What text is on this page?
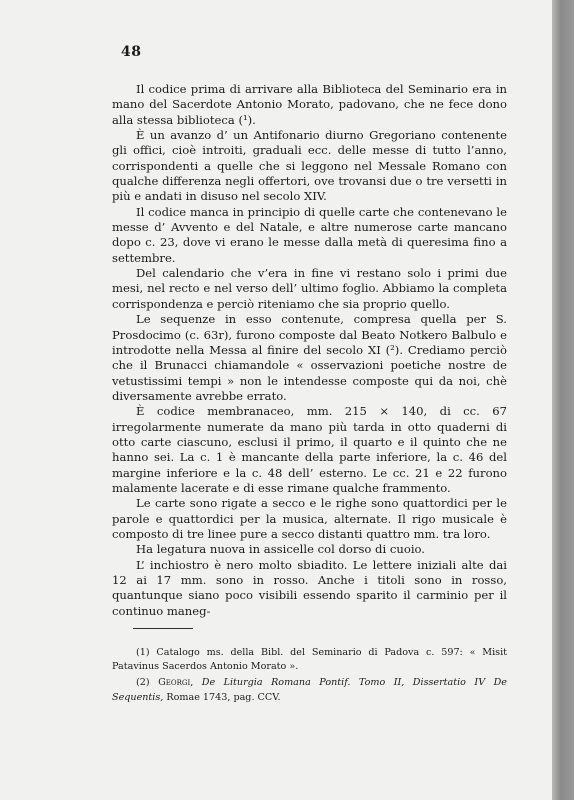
48

Il codice prima di arrivare alla Biblioteca del Seminario era in mano del Sacerdote Antonio Morato, padovano, che ne fece dono alla stessa biblioteca (¹).

È un avanzo d’ un Antifonario diurno Gregoriano contenente gli offici, cioè introiti, graduali ecc. delle messe di tutto l’anno, corrispondenti a quelle che si leggono nel Messale Romano con qualche differenza negli offertori, ove trovansi due o tre versetti in più e andati in disuso nel secolo XIV.

Il codice manca in principio di quelle carte che contenevano le messe d’ Avvento e del Natale, e altre numerose carte mancano dopo c. 23, dove vi erano le messe dalla metà di queresima fino a settembre.

Del calendario che v’era in fine vi restano solo i primi due mesi, nel recto e nel verso dell’ ultimo foglio. Abbiamo la completa corrispondenza e perciò riteniamo che sia proprio quello.

Le sequenze in esso contenute, compresa quella per S. Prosdocimo (c. 63r), furono composte dal Beato Notkero Balbulo e introdotte nella Messa al finire del secolo XI (²). Crediamo perciò che il Brunacci chiamandole « osservazioni poetiche nostre de vetustissimi tempi » non le intendesse composte qui da noi, chè diversamente avrebbe errato.

È codice membranaceo, mm. 215 × 140, di cc. 67 irregolarmente numerate da mano più tarda in otto quaderni di otto carte ciascuno, esclusi il primo, il quarto e il quinto che ne hanno sei. La c. 1 è mancante della parte inferiore, la c. 46 del margine inferiore e la c. 48 dell’ esterno. Le cc. 21 e 22 furono malamente lacerate e di esse rimane qualche frammento.

Le carte sono rigate a secco e le righe sono quattordici per le parole e quattordici per la musica, alternate. Il rigo musicale è composto di tre linee pure a secco distanti quattro mm. tra loro.

Ha legatura nuova in assicelle col dorso di cuoio.

L’ inchiostro è nero molto sbiadito. Le lettere iniziali alte dai 12 ai 17 mm. sono in rosso. Anche i titoli sono in rosso, quantunque siano poco visibili essendo sparito il carminio per il continuo maneg-

(1) Catalogo ms. della Bibl. del Seminario di Padova c. 597: « Misit Patavinus Sacerdos Antonio Morato ».

(2) Georgi, De Liturgia Romana Pontif. Tomo II, Dissertatio IV De Sequentis, Romae 1743, pag. CCV.
